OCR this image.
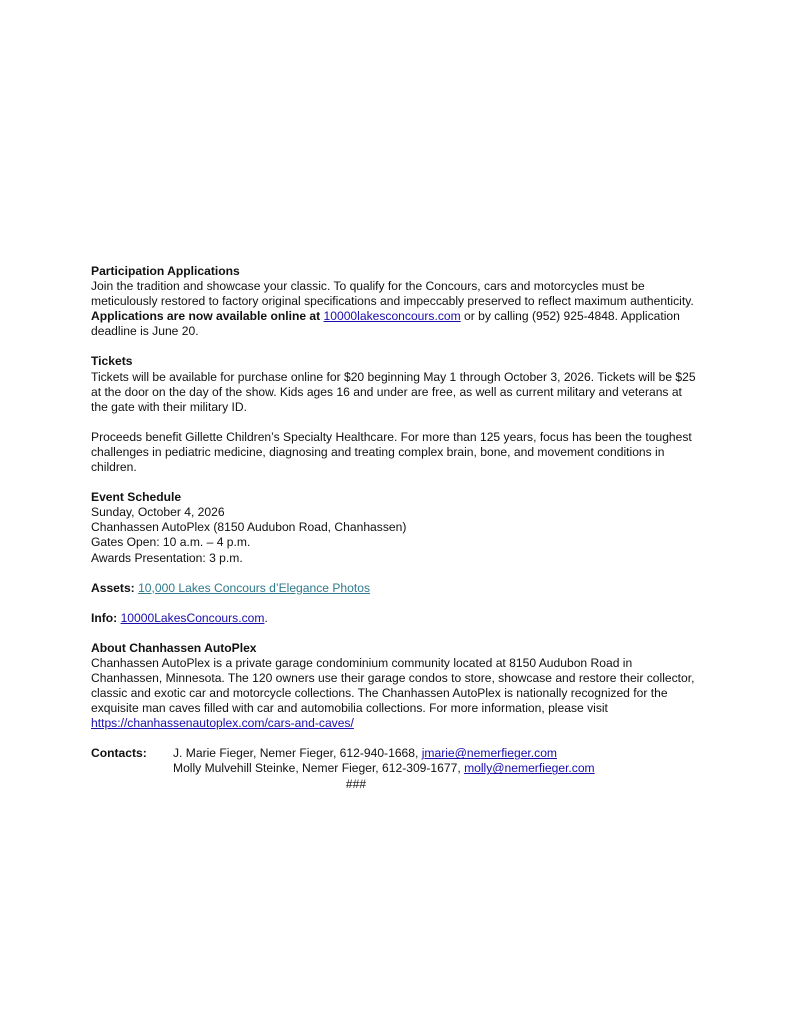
Participation Applications

Join the tradition and showcase your classic. To qualify for the Concours, cars and motorcycles must be meticulously restored to factory original specifications and impeccably preserved to reflect maximum authenticity. Applications are now available online at 10000lakesconcours.com or by calling (952) 925-4848. Application deadline is June 20.

Tickets

Tickets will be available for purchase online for $20 beginning May 1 through October 3, 2026. Tickets will be $25 at the door on the day of the show. Kids ages 16 and under are free, as well as current military and veterans at the gate with their military ID.

Proceeds benefit Gillette Children’s Specialty Healthcare. For more than 125 years, focus has been the toughest challenges in pediatric medicine, diagnosing and treating complex brain, bone, and movement conditions in children.

Event Schedule

Sunday, October 4, 2026

Chanhassen AutoPlex (8150 Audubon Road, Chanhassen)

Gates Open: 10 a.m. – 4 p.m.

Awards Presentation: 3 p.m.

Assets: 10,000 Lakes Concours d’Elegance Photos

Info: 10000LakesConcours.com.

About Chanhassen AutoPlex

Chanhassen AutoPlex is a private garage condominium community located at 8150 Audubon Road in Chanhassen, Minnesota. The 120 owners use their garage condos to store, showcase and restore their collector, classic and exotic car and motorcycle collections. The Chanhassen AutoPlex is nationally recognized for the exquisite man caves filled with car and automobilia collections. For more information, please visit https://chanhassenautoplex.com/cars-and-caves/

Contacts:	J. Marie Fieger, Nemer Fieger, 612-940-1668, jmarie@nemerfieger.com

Molly Mulvehill Steinke, Nemer Fieger, 612-309-1677, molly@nemerfieger.com

###
